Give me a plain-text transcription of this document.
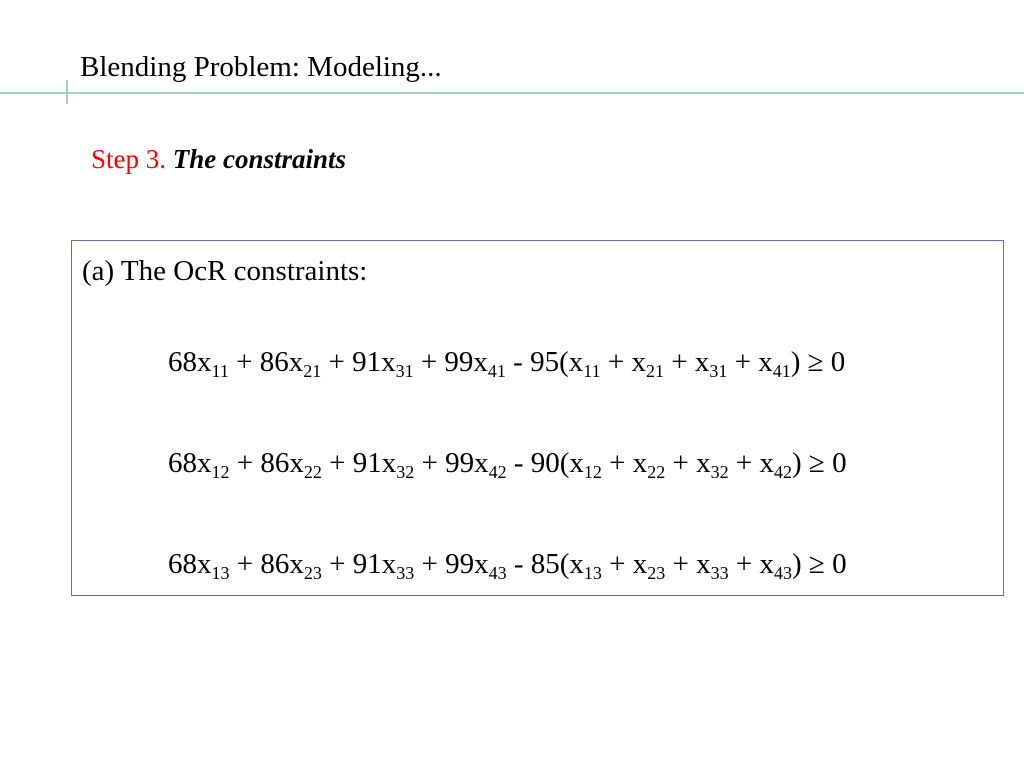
Blending Problem: Modeling...
Step 3. The constraints
(a) The OcR constraints:
$68x_{11} + 86x_{21} + 91x_{31} + 99x_{41} - 95(x_{11} + x_{21} + x_{31} + x_{41}) \ge 0$
$68x_{12} + 86x_{22} + 91x_{32} + 99x_{42} - 90(x_{12} + x_{22} + x_{32} + x_{42}) \ge 0$
$68x_{13} + 86x_{23} + 91x_{33} + 99x_{43} - 85(x_{13} + x_{23} + x_{33} + x_{43}) \ge 0$
